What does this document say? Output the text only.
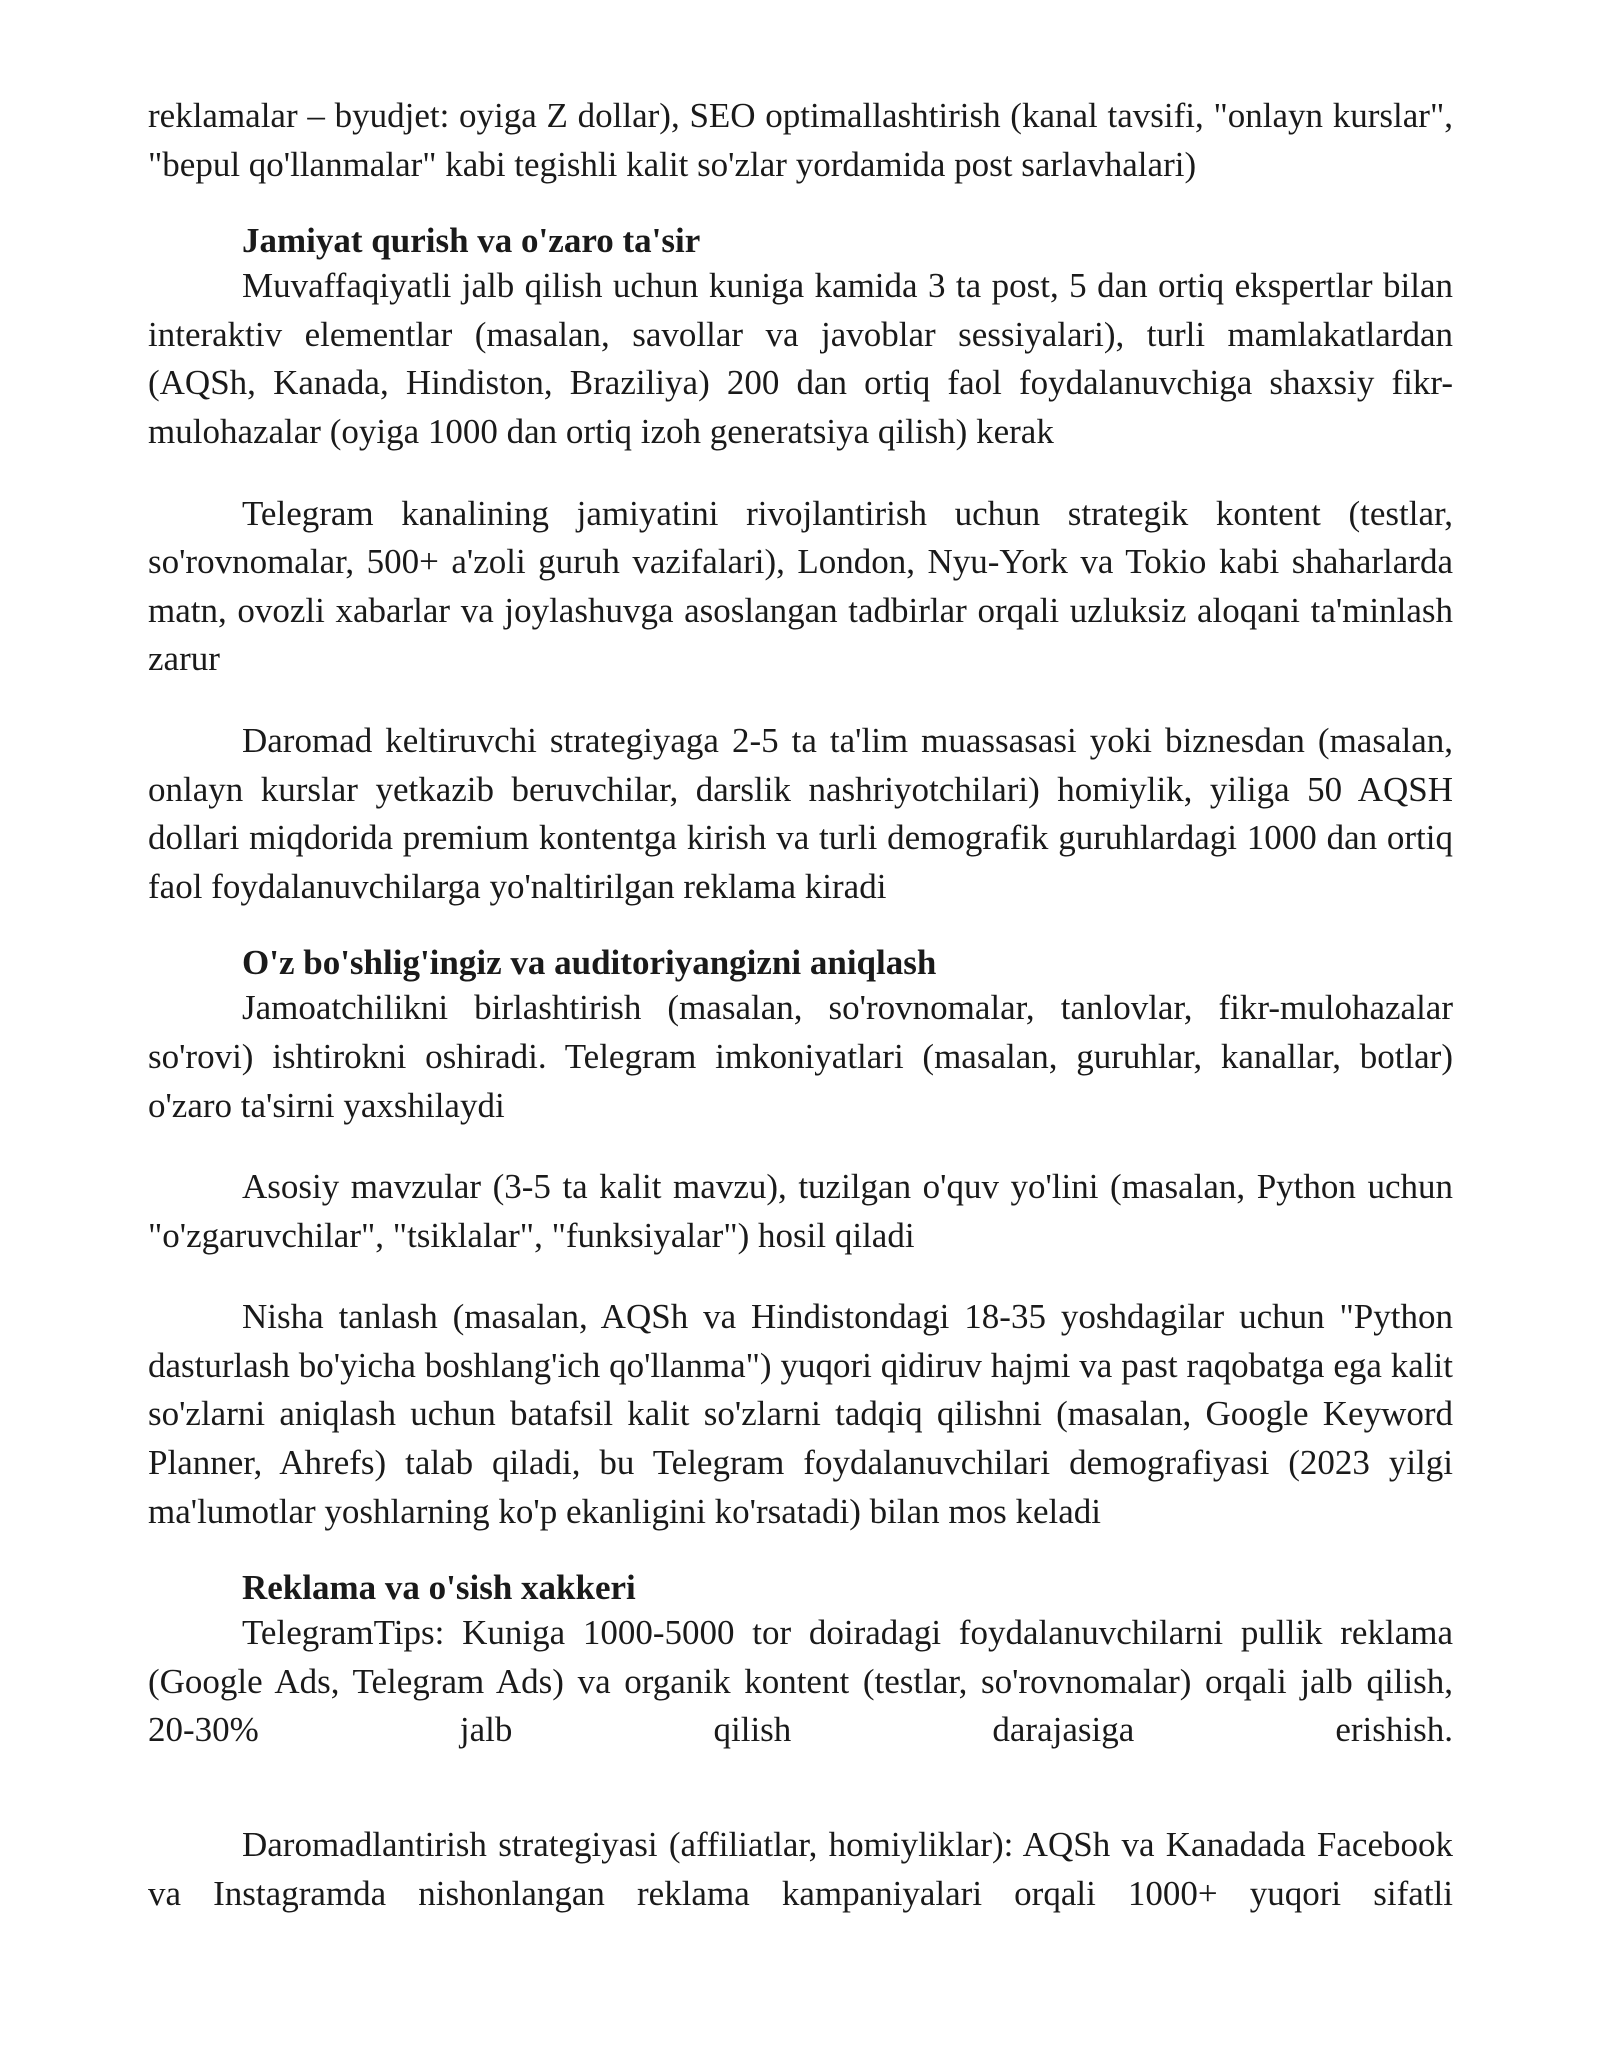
reklamalar – byudjet: oyiga Z dollar), SEO optimallashtirish (kanal tavsifi, "onlayn kurslar", "bepul qo'llanmalar" kabi tegishli kalit so'zlar yordamida post sarlavhalari)

Jamiyat qurish va o'zaro ta'sir

Muvaffaqiyatli jalb qilish uchun kuniga kamida 3 ta post, 5 dan ortiq ekspertlar bilan interaktiv elementlar (masalan, savollar va javoblar sessiyalari), turli mamlakatlardan (AQSh, Kanada, Hindiston, Braziliya) 200 dan ortiq faol foydalanuvchiga shaxsiy fikr-mulohazalar (oyiga 1000 dan ortiq izoh generatsiya qilish) kerak

Telegram kanalining jamiyatini rivojlantirish uchun strategik kontent (testlar, so'rovnomalar, 500+ a'zoli guruh vazifalari), London, Nyu-York va Tokio kabi shaharlarda matn, ovozli xabarlar va joylashuvga asoslangan tadbirlar orqali uzluksiz aloqani ta'minlash zarur

Daromad keltiruvchi strategiyaga 2-5 ta ta'lim muassasasi yoki biznesdan (masalan, onlayn kurslar yetkazib beruvchilar, darslik nashriyotchilari) homiylik, yiliga 50 AQSH dollari miqdorida premium kontentga kirish va turli demografik guruhlardagi 1000 dan ortiq faol foydalanuvchilarga yo'naltirilgan reklama kiradi

O'z bo'shlig'ingiz va auditoriyangizni aniqlash

Jamoatchilikni birlashtirish (masalan, so'rovnomalar, tanlovlar, fikr-mulohazalar so'rovi) ishtirokni oshiradi. Telegram imkoniyatlari (masalan, guruhlar, kanallar, botlar) o'zaro ta'sirni yaxshilaydi

Asosiy mavzular (3-5 ta kalit mavzu), tuzilgan o'quv yo'lini (masalan, Python uchun "o'zgaruvchilar", "tsiklalar", "funksiyalar") hosil qiladi

Nisha tanlash (masalan, AQSh va Hindistondagi 18-35 yoshdagilar uchun "Python dasturlash bo'yicha boshlang'ich qo'llanma") yuqori qidiruv hajmi va past raqobatga ega kalit so'zlarni aniqlash uchun batafsil kalit so'zlarni tadqiq qilishni (masalan, Google Keyword Planner, Ahrefs) talab qiladi, bu Telegram foydalanuvchilari demografiyasi (2023 yilgi ma'lumotlar yoshlarning ko'p ekanligini ko'rsatadi) bilan mos keladi

Reklama va o'sish xakkeri

TelegramTips: Kuniga 1000-5000 tor doiradagi foydalanuvchilarni pullik reklama (Google Ads, Telegram Ads) va organik kontent (testlar, so'rovnomalar) orqali jalb qilish, 20-30% jalb qilish darajasiga erishish.

Daromadlantirish strategiyasi (affiliatlar, homiyliklar): AQSh va Kanadada Facebook va Instagramda nishonlangan reklama kampaniyalari orqali 1000+ yuqori sifatli
